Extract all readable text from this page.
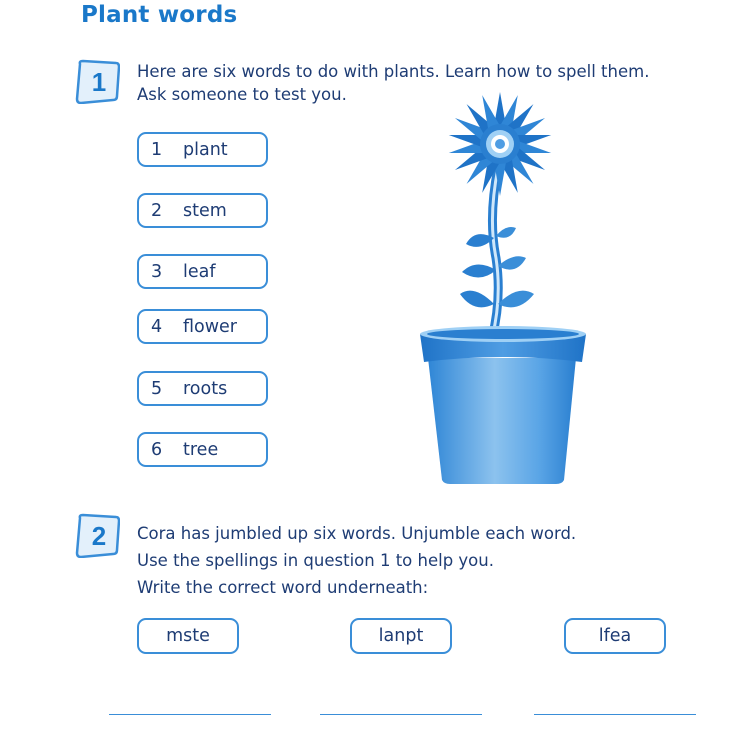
Plant words
1 Here are six words to do with plants. Learn how to spell them.
Ask someone to test you.
1 plant
2 stem
3 leaf
4 flower
5 roots
6 tree
2 Cora has jumbled up six words. Unjumble each word.
Use the spellings in question 1 to help you.
Write the correct word underneath:
mste	lanpt	lfea
